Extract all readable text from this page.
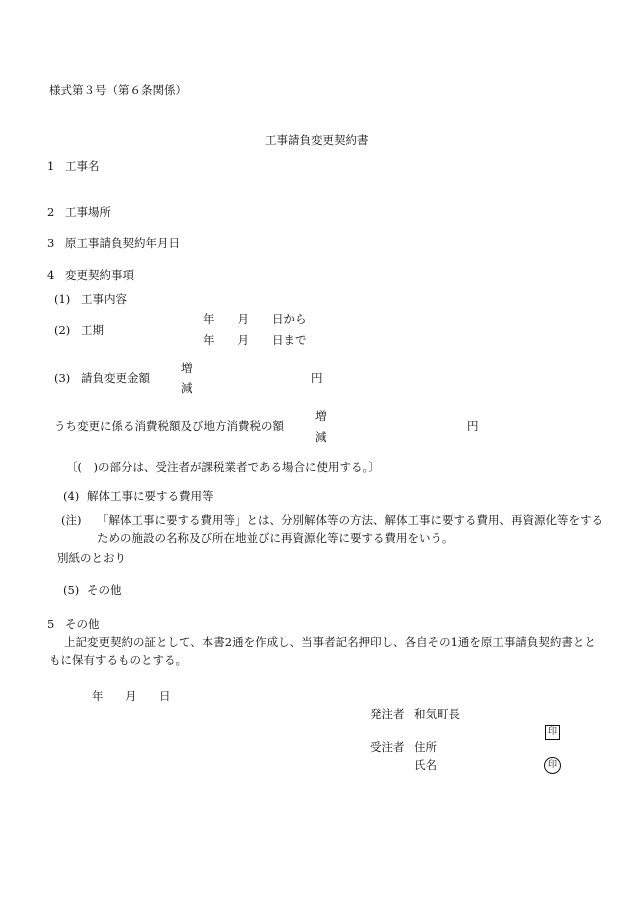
様式第３号（第６条関係）
工事請負変更契約書
1 工事名
2 工事場所
3 原工事請負契約年月日
4 変更契約事項
(1) 工事内容
(2) 工期
年　　月　　日から
年　　月　　日まで
(3) 請負変更金額
増
減
円
うち変更に係る消費税額及び地方消費税の額
増
減
円
〔(　)の部分は、受注者が課税業者である場合に使用する。〕
(4) 解体工事に要する費用等
(注) 「解体工事に要する費用等」とは、分別解体等の方法、解体工事に要する費用、再資源化等をする
ための施設の名称及び所在地並びに再資源化等に要する費用をいう。
別紙のとおり
(5) その他
5 その他
上記変更契約の証として、本書2通を作成し、当事者記名押印し、各自その1通を原工事請負契約書とと
もに保有するものとする。
年 月 日
発注者 和気町長
印
受注者 住所
氏名	印
